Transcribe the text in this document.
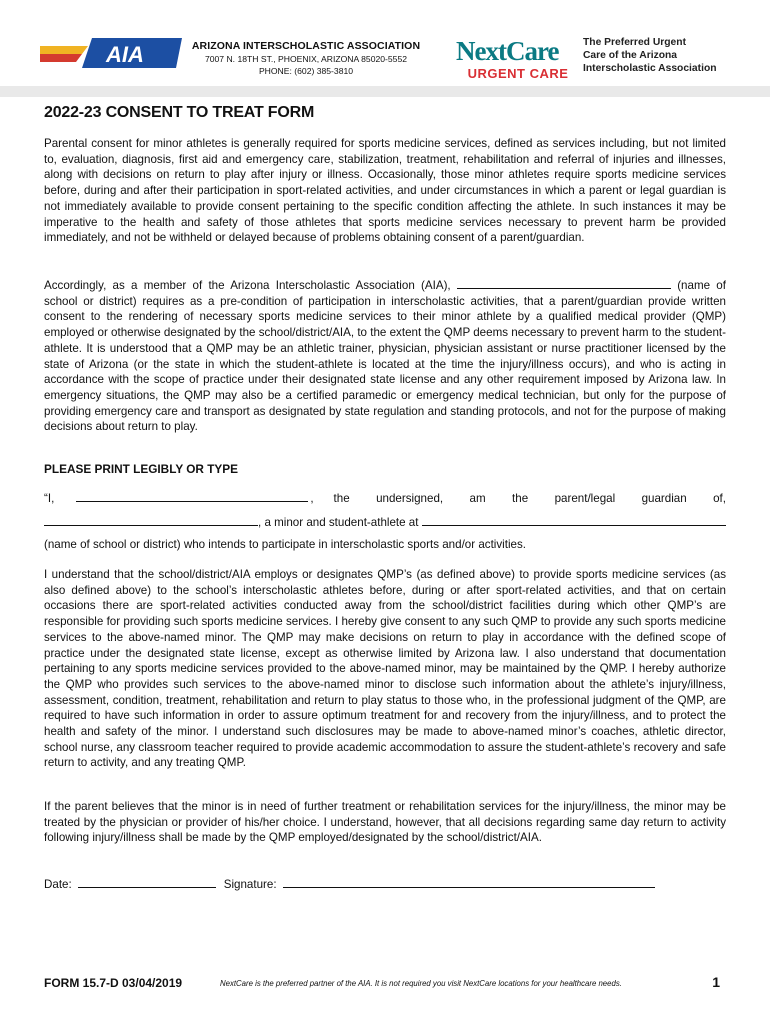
AIA	ARIZONA INTERSCHOLASTIC ASSOCIATION
7007 N. 18TH ST., PHOENIX, ARIZONA 85020-5552
PHONE: (602) 385-3810
NextCare
URGENT CARE
The Preferred Urgent
Care of the Arizona
Interscholastic Association
2022-23 CONSENT TO TREAT FORM
Parental consent for minor athletes is generally required for sports medicine services, defined as services including, but not limited to, evaluation, diagnosis, first aid and emergency care, stabilization, treatment, rehabilitation and referral of injuries and illnesses, along with decisions on return to play after injury or illness. Occasionally, those minor athletes require sports medicine services before, during and after their participation in sport-related activities, and under circumstances in which a parent or legal guardian is not immediately available to provide consent pertaining to the specific condition affecting the athlete. In such instances it may be imperative to the health and safety of those athletes that sports medicine services necessary to prevent harm be provided immediately, and not be withheld or delayed because of problems obtaining consent of a parent/guardian.
Accordingly, as a member of the Arizona Interscholastic Association (AIA),	(name of school or district) requires as a pre-condition of participation in interscholastic activities, that a parent/guardian provide written consent to the rendering of necessary sports medicine services to their minor athlete by a qualified medical provider (QMP) employed or otherwise designated by the school/district/AIA, to the extent the QMP deems necessary to prevent harm to the student-athlete. It is understood that a QMP may be an athletic trainer, physician, physician assistant or nurse practitioner licensed by the state of Arizona (or the state in which the student-athlete is located at the time the injury/illness occurs), and who is acting in accordance with the scope of practice under their designated state license and any other requirement imposed by Arizona law. In emergency situations, the QMP may also be a certified paramedic or emergency medical technician, but only for the purpose of providing emergency care and transport as designated by state regulation and standing protocols, and not for the purpose of making decisions about return to play.
PLEASE PRINT LEGIBLY OR TYPE
“I,	, the undersigned, am the parent/legal guardian of,
, a minor and student-athlete at
(name of school or district) who intends to participate in interscholastic sports and/or activities.
I understand that the school/district/AIA employs or designates QMP’s (as defined above) to provide sports medicine services (as also defined above) to the school’s interscholastic athletes before, during or after sport-related activities, and that on certain occasions there are sport-related activities conducted away from the school/district facilities during which other QMP’s are responsible for providing such sports medicine services. I hereby give consent to any such QMP to provide any such sports medicine services to the above-named minor. The QMP may make decisions on return to play in accordance with the defined scope of practice under the designated state license, except as otherwise limited by Arizona law. I also understand that documentation pertaining to any sports medicine services provided to the above-named minor, may be maintained by the QMP. I hereby authorize the QMP who provides such services to the above-named minor to disclose such information about the athlete’s injury/illness, assessment, condition, treatment, rehabilitation and return to play status to those who, in the professional judgment of the QMP, are required to have such information in order to assure optimum treatment for and recovery from the injury/illness, and to protect the health and safety of the minor. I understand such disclosures may be made to above-named minor’s coaches, athletic director, school nurse, any classroom teacher required to provide academic accommodation to assure the student-athlete’s recovery and safe return to activity, and any treating QMP.
If the parent believes that the minor is in need of further treatment or rehabilitation services for the injury/illness, the minor may be treated by the physician or provider of his/her choice. I understand, however, that all decisions regarding same day return to activity following injury/illness shall be made by the QMP employed/designated by the school/district/AIA.
Date:	Signature:
FORM 15.7-D 03/04/2019	NextCare is the preferred partner of the AIA. It is not required you visit NextCare locations for your healthcare needs.	1
